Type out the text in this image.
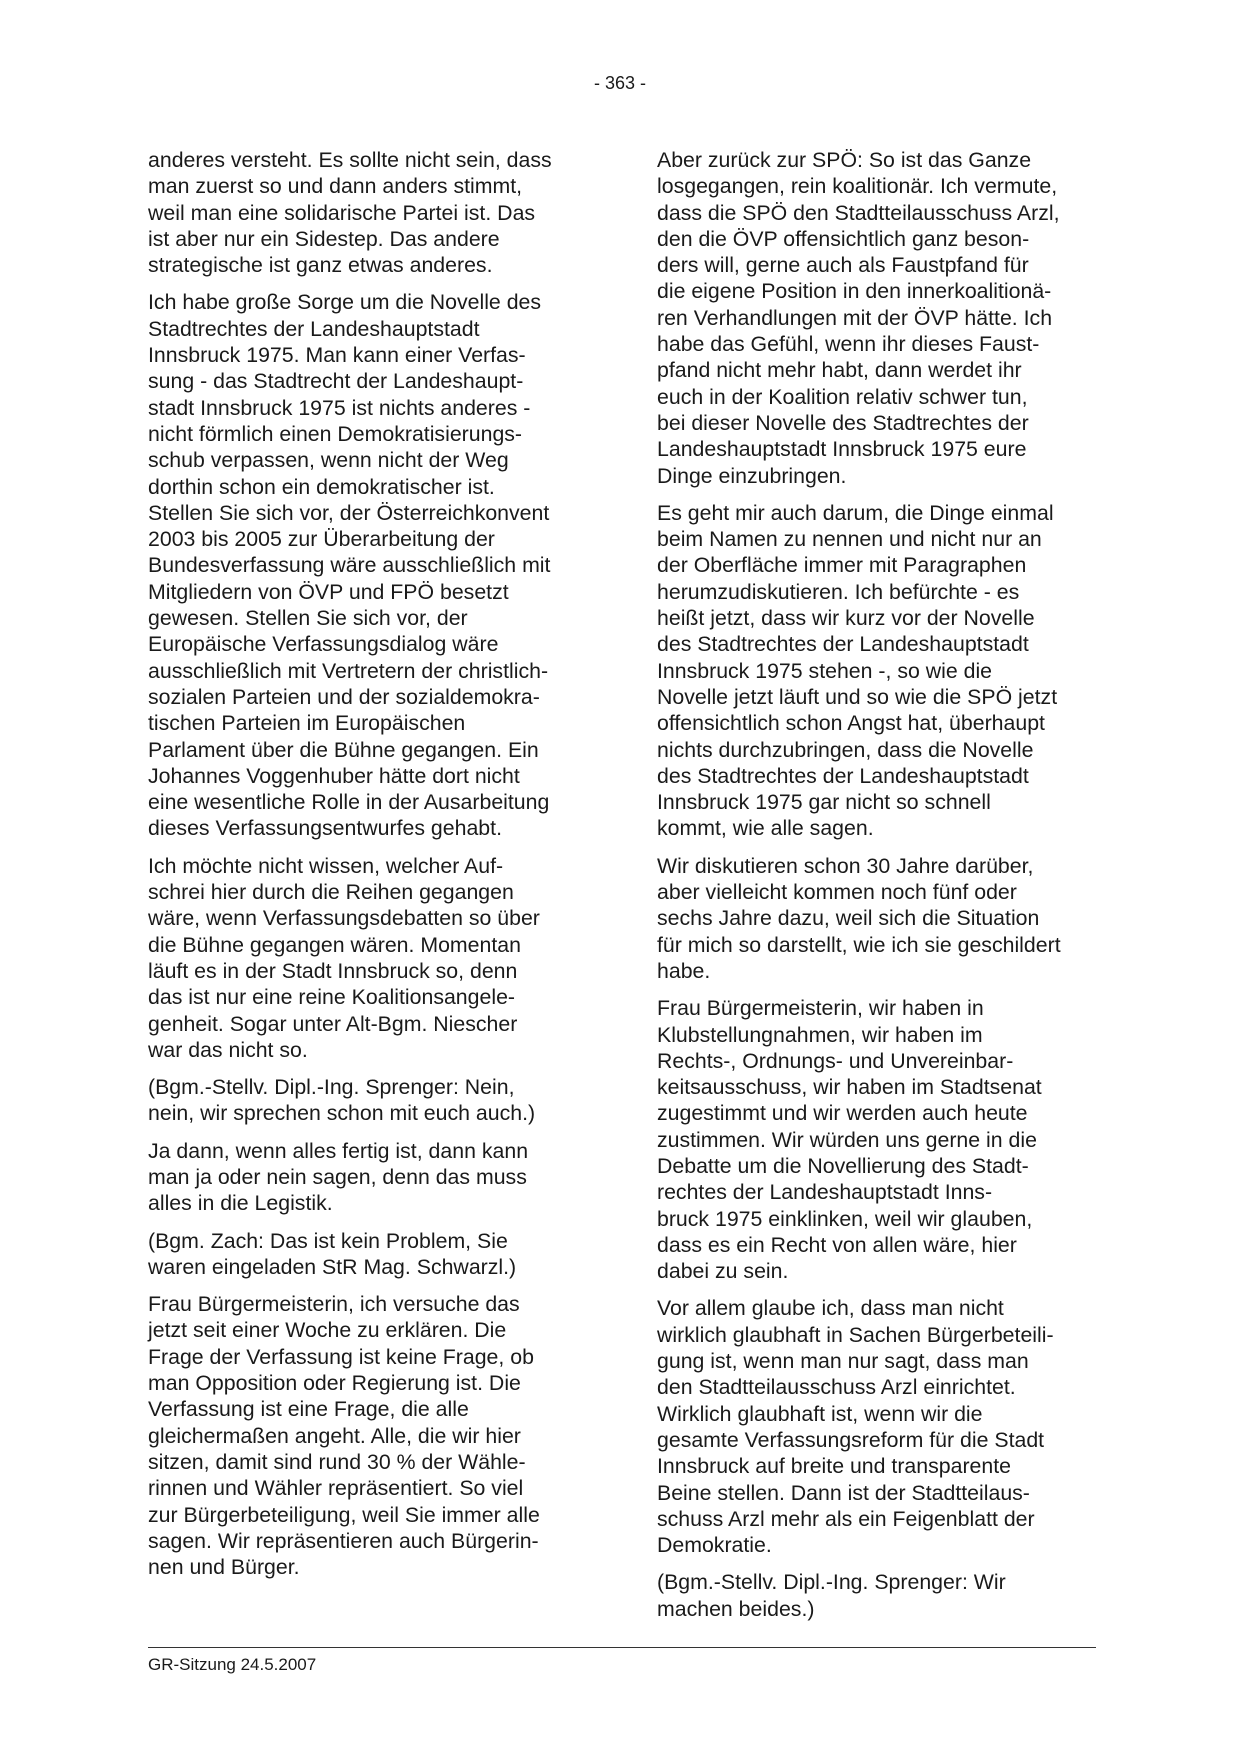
- 363 -

anderes versteht. Es sollte nicht sein, dass
man zuerst so und dann anders stimmt,
weil man eine solidarische Partei ist. Das
ist aber nur ein Sidestep. Das andere
strategische ist ganz etwas anderes.

Ich habe große Sorge um die Novelle des
Stadtrechtes der Landeshauptstadt
Innsbruck 1975. Man kann einer Verfas-
sung - das Stadtrecht der Landeshaupt-
stadt Innsbruck 1975 ist nichts anderes -
nicht förmlich einen Demokratisierungs-
schub verpassen, wenn nicht der Weg
dorthin schon ein demokratischer ist.
Stellen Sie sich vor, der Österreichkonvent
2003 bis 2005 zur Überarbeitung der
Bundesverfassung wäre ausschließlich mit
Mitgliedern von ÖVP und FPÖ besetzt
gewesen. Stellen Sie sich vor, der
Europäische Verfassungsdialog wäre
ausschließlich mit Vertretern der christlich-
sozialen Parteien und der sozialdemokra-
tischen Parteien im Europäischen
Parlament über die Bühne gegangen. Ein
Johannes Voggenhuber hätte dort nicht
eine wesentliche Rolle in der Ausarbeitung
dieses Verfassungsentwurfes gehabt.

Ich möchte nicht wissen, welcher Auf-
schrei hier durch die Reihen gegangen
wäre, wenn Verfassungsdebatten so über
die Bühne gegangen wären. Momentan
läuft es in der Stadt Innsbruck so, denn
das ist nur eine reine Koalitionsangele-
genheit. Sogar unter Alt-Bgm. Niescher
war das nicht so.

(Bgm.-Stellv. Dipl.-Ing. Sprenger: Nein,
nein, wir sprechen schon mit euch auch.)

Ja dann, wenn alles fertig ist, dann kann
man ja oder nein sagen, denn das muss
alles in die Legistik.

(Bgm. Zach: Das ist kein Problem, Sie
waren eingeladen StR Mag. Schwarzl.)

Frau Bürgermeisterin, ich versuche das
jetzt seit einer Woche zu erklären. Die
Frage der Verfassung ist keine Frage, ob
man Opposition oder Regierung ist. Die
Verfassung ist eine Frage, die alle
gleichermaßen angeht. Alle, die wir hier
sitzen, damit sind rund 30 % der Wähle-
rinnen und Wähler repräsentiert. So viel
zur Bürgerbeteiligung, weil Sie immer alle
sagen. Wir repräsentieren auch Bürgerin-
nen und Bürger.

Aber zurück zur SPÖ: So ist das Ganze
losgegangen, rein koalitionär. Ich vermute,
dass die SPÖ den Stadtteilausschuss Arzl,
den die ÖVP offensichtlich ganz beson-
ders will, gerne auch als Faustpfand für
die eigene Position in den innerkoalitionä-
ren Verhandlungen mit der ÖVP hätte. Ich
habe das Gefühl, wenn ihr dieses Faust-
pfand nicht mehr habt, dann werdet ihr
euch in der Koalition relativ schwer tun,
bei dieser Novelle des Stadtrechtes der
Landeshauptstadt Innsbruck 1975 eure
Dinge einzubringen.

Es geht mir auch darum, die Dinge einmal
beim Namen zu nennen und nicht nur an
der Oberfläche immer mit Paragraphen
herumzudiskutieren. Ich befürchte - es
heißt jetzt, dass wir kurz vor der Novelle
des Stadtrechtes der Landeshauptstadt
Innsbruck 1975 stehen -, so wie die
Novelle jetzt läuft und so wie die SPÖ jetzt
offensichtlich schon Angst hat, überhaupt
nichts durchzubringen, dass die Novelle
des Stadtrechtes der Landeshauptstadt
Innsbruck 1975 gar nicht so schnell
kommt, wie alle sagen.

Wir diskutieren schon 30 Jahre darüber,
aber vielleicht kommen noch fünf oder
sechs Jahre dazu, weil sich die Situation
für mich so darstellt, wie ich sie geschildert
habe.

Frau Bürgermeisterin, wir haben in
Klubstellungnahmen, wir haben im
Rechts-, Ordnungs- und Unvereinbar-
keitsausschuss, wir haben im Stadtsenat
zugestimmt und wir werden auch heute
zustimmen. Wir würden uns gerne in die
Debatte um die Novellierung des Stadt-
rechtes der Landeshauptstadt Inns-
bruck 1975 einklinken, weil wir glauben,
dass es ein Recht von allen wäre, hier
dabei zu sein.

Vor allem glaube ich, dass man nicht
wirklich glaubhaft in Sachen Bürgerbeteili-
gung ist, wenn man nur sagt, dass man
den Stadtteilausschuss Arzl einrichtet.
Wirklich glaubhaft ist, wenn wir die
gesamte Verfassungsreform für die Stadt
Innsbruck auf breite und transparente
Beine stellen. Dann ist der Stadtteilaus-
schuss Arzl mehr als ein Feigenblatt der
Demokratie.

(Bgm.-Stellv. Dipl.-Ing. Sprenger: Wir
machen beides.)

GR-Sitzung 24.5.2007
